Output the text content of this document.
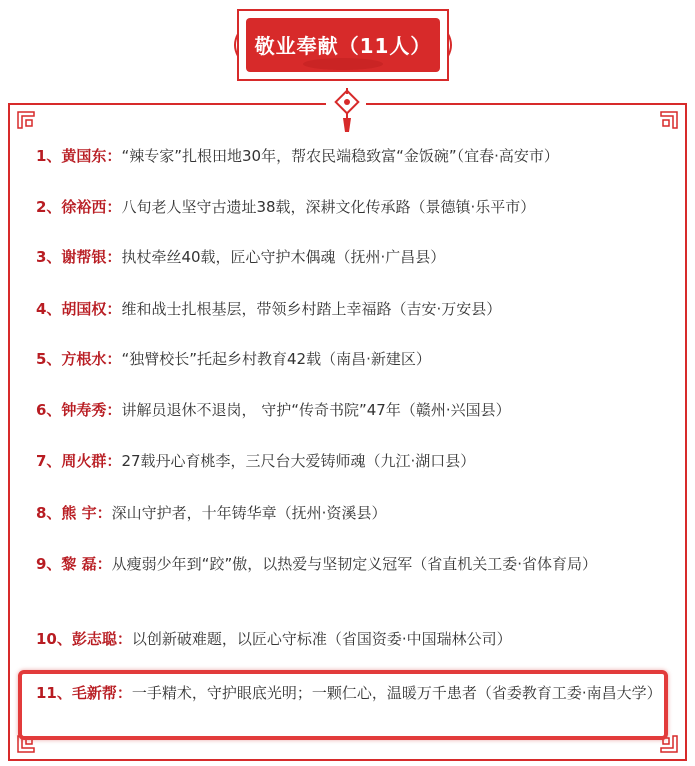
敬业奉献（11人）
1、黄国东：“辣专家”扎根田地30年，帮农民端稳致富“金饭碗”（宜春·高安市）
2、徐裕西：八旬老人坚守古遗址38载，深耕文化传承路（景德镇·乐平市）
3、谢帮银：执杖牵丝40载，匠心守护木偶魂（抚州·广昌县）
4、胡国权：维和战士扎根基层，带领乡村踏上幸福路（吉安·万安县）
5、方根水：“独臂校长”托起乡村教育42载（南昌·新建区）
6、钟寿秀：讲解员退休不退岗， 守护“传奇书院”47年（赣州·兴国县）
7、周火群：27载丹心育桃李，三尺台大爱铸师魂（九江·湖口县）
8、熊 宇：深山守护者，十年铸华章（抚州·资溪县）
9、黎 磊：从瘦弱少年到“跤”傲，以热爱与坚韧定义冠军（省直机关工委·省体育局）
10、彭志聪：以创新破难题，以匠心守标准（省国资委·中国瑞林公司）
11、毛新帮：一手精术，守护眼底光明；一颗仁心，温暖万千患者（省委教育工委·南昌大学）
